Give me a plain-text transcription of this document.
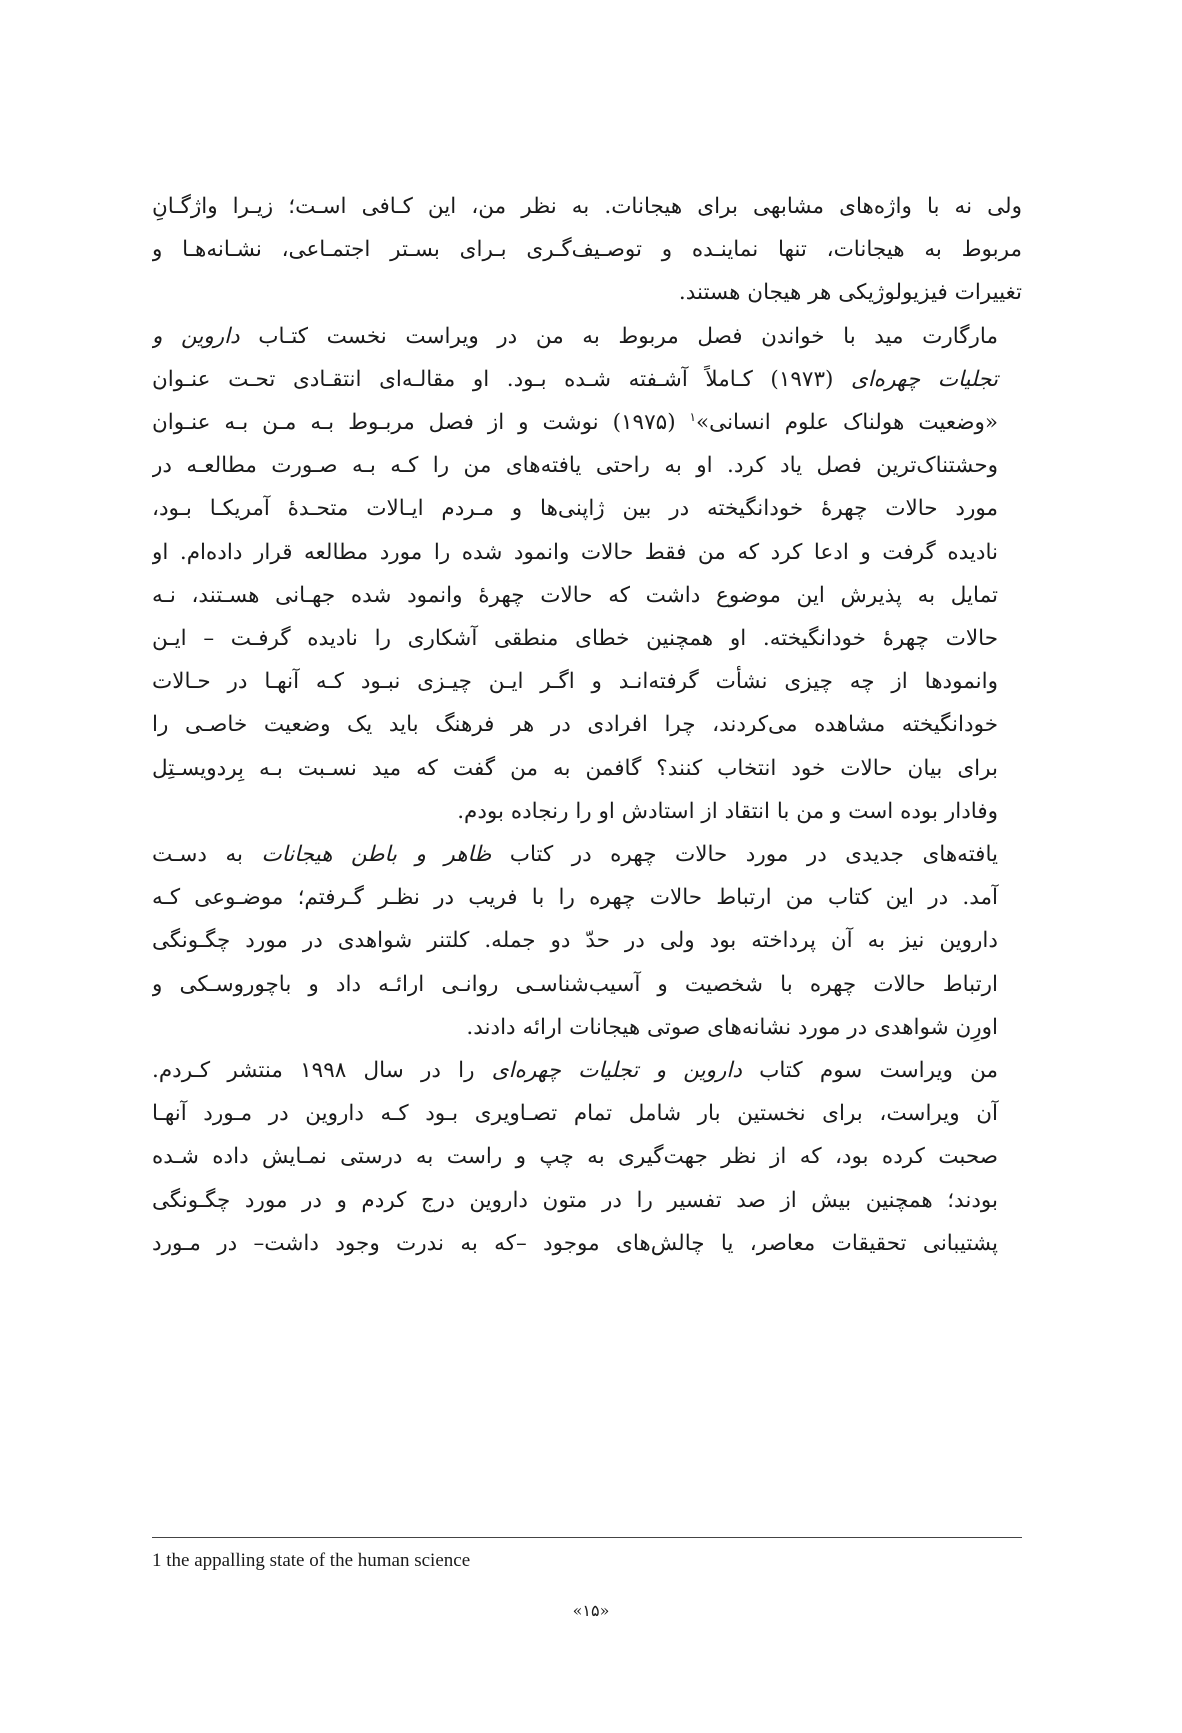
ولی نه با واژه‌های مشابهی برای هیجانات. به نظر من، این کـافی اسـت؛ زیـرا واژگـانِ
مربوط به هیجانات، تنها نماینـده و توصـیف‌گـری بـرای بسـتر اجتمـاعی، نشـانه‌هـا و
تغییرات فیزیولوژیکی هر هیجان هستند.

مارگارت مید با خواندن فصل مربوط به من در ویراست نخست کتـاب داروین و
تجلیات چهره‌ای (۱۹۷۳) کـاملاً آشـفته شـده بـود. او مقالـه‌ای انتقـادی تحـت عنـوان
«وضعیت هولناک علوم انسانی»$^۱$ (۱۹۷۵) نوشت و از فصل مربـوط بـه مـن بـه عنـوان
وحشتناک‌ترین فصل یاد کرد. او به راحتی یافته‌های من را کـه بـه صـورت مطالعـه در
مورد حالات چهرهٔ خودانگیخته در بین ژاپنی‌ها و مـردم ایـالات متحـدهٔ آمریکـا بـود،
نادیده گرفت و ادعا کرد که من فقط حالات وانمود شده را مورد مطالعه قرار داده‌ام. او
تمایل به پذیرش این موضوع داشت که حالات چهرهٔ وانمود شده جهـانی هسـتند، نـه
حالات چهرهٔ خودانگیخته. او همچنین خطای منطقی آشکاری را نادیده گرفـت – ایـن
وانمودها از چه چیزی نشأت گرفته‌انـد و اگـر ایـن چیـزی نبـود کـه آنهـا در حـالات
خودانگیخته مشاهده می‌کردند، چرا افرادی در هر فرهنگ باید یک وضعیت خاصـی را
برای بیان حالات خود انتخاب کنند؟ گافمن به من گفت که مید نسـبت بـه بِردویسـتِل
وفادار بوده است و من با انتقاد از استادش او را رنجاده بودم.

یافته‌های جدیدی در مورد حالات چهره در کتاب ظاهر و باطن هیجانات به دسـت
آمد. در این کتاب من ارتباط حالات چهره را با فریب در نظـر گـرفتم؛ موضـوعی کـه
داروین نیز به آن پرداخته بود ولی در حدّ دو جمله. کلتنر شواهدی در مورد چگـونگی
ارتباط حالات چهره با شخصیت و آسیب‌شناسـی روانـی ارائـه داد و باچوروسـکی و
اورِن شواهدی در مورد نشانه‌های صوتی هیجانات ارائه دادند.

من ویراست سوم کتاب داروین و تجلیات چهره‌ای را در سال ۱۹۹۸ منتشر کـردم.
آن ویراست، برای نخستین بار شامل تمام تصـاویری بـود کـه داروین در مـورد آنهـا
صحبت کرده بود، که از نظر جهت‌گیری به چپ و راست به درستی نمـایش داده شـده
بودند؛ همچنین بیش از صد تفسیر را در متون داروین درج کردم و در مورد چگـونگی
پشتیبانی تحقیقات معاصر، یا چالش‌های موجود –که به ندرت وجود داشت– در مـورد

1 the appalling state of the human science
«۱۵»
